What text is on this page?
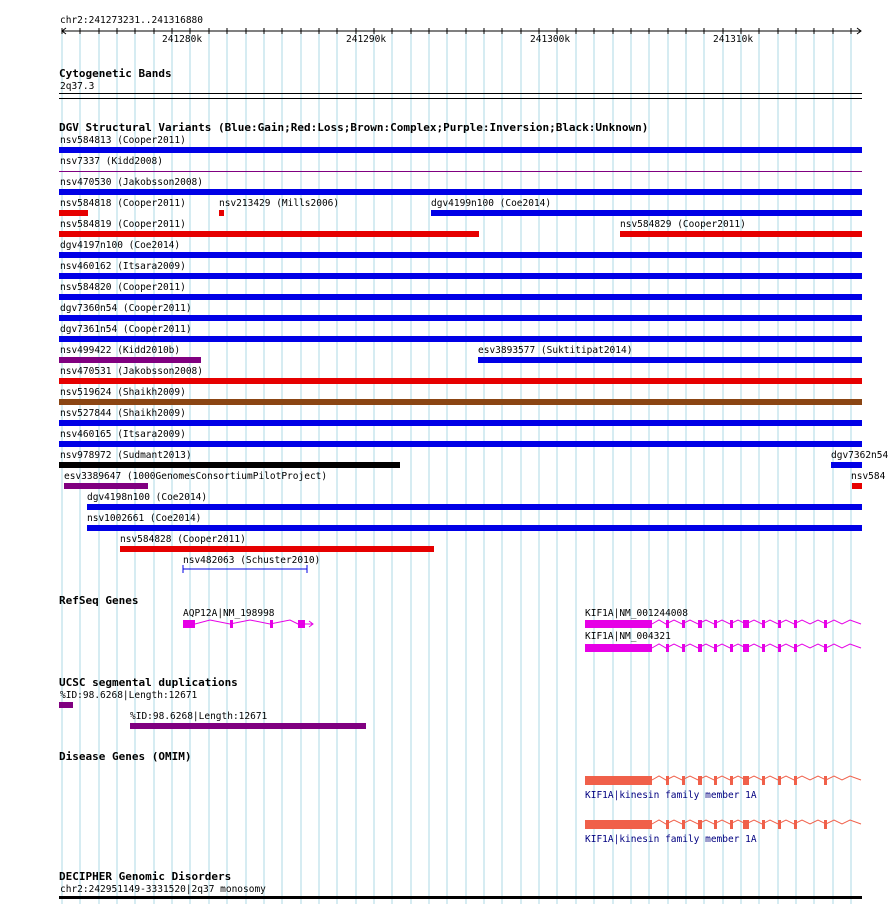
chr2:241273231..241316880
241280k	241290k	241300k	241310k
Cytogenetic Bands
2q37.3
DGV Structural Variants (Blue:Gain;Red:Loss;Brown:Complex;Purple:Inversion;Black:Unknown)
nsv584813 (Cooper2011)
nsv7337 (Kidd2008)
nsv470530 (Jakobsson2008)
nsv584818 (Cooper2011)	nsv213429 (Mills2006)	dgv4199n100 (Coe2014)
nsv584819 (Cooper2011)	nsv584829 (Cooper2011)
dgv4197n100 (Coe2014)
nsv460162 (Itsara2009)
nsv584820 (Cooper2011)
dgv7360n54 (Cooper2011)
dgv7361n54 (Cooper2011)
nsv499422 (Kidd2010b)	esv3893577 (Suktitipat2014)
nsv470531 (Jakobsson2008)
nsv519624 (Shaikh2009)
nsv527844 (Shaikh2009)
nsv460165 (Itsara2009)
nsv978972 (Sudmant2013)	dgv7362n54
esv3389647 (1000GenomesConsortiumPilotProject)	nsv584
dgv4198n100 (Coe2014)
nsv1002661 (Coe2014)
nsv584828 (Cooper2011)
nsv482063 (Schuster2010)
RefSeq Genes
AQP12A|NM_198998	KIF1A|NM_001244008
KIF1A|NM_004321
UCSC segmental duplications
%ID:98.6268|Length:12671
%ID:98.6268|Length:12671
Disease Genes (OMIM)
KIF1A|kinesin family member 1A
KIF1A|kinesin family member 1A
DECIPHER Genomic Disorders
chr2:242951149-3331520|2q37 monosomy
